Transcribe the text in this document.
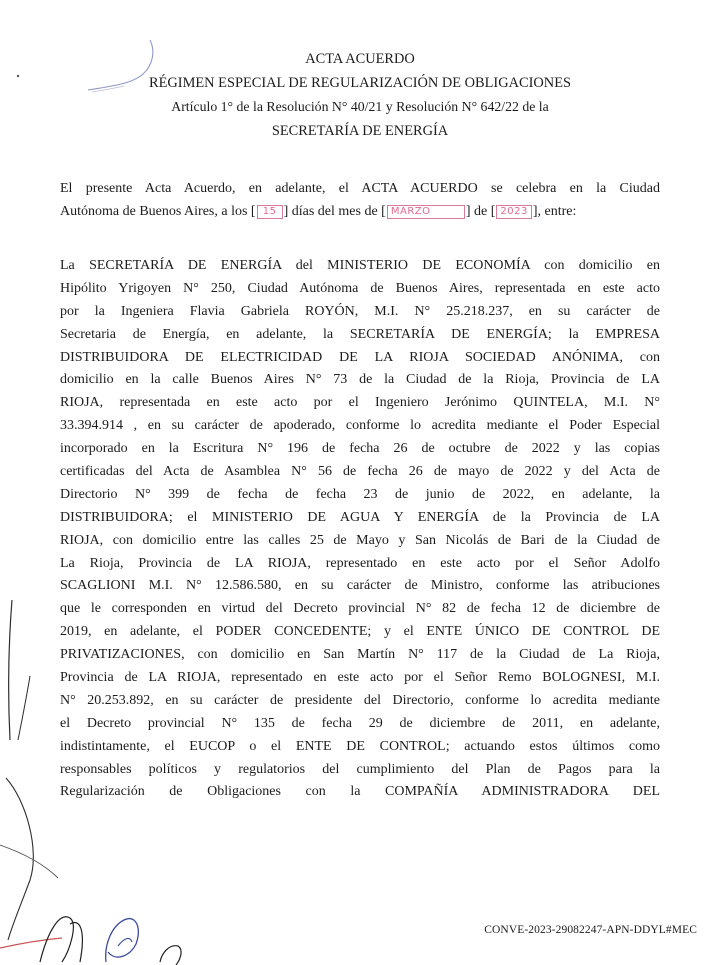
ACTA ACUERDO
RÉGIMEN ESPECIAL DE REGULARIZACIÓN DE OBLIGACIONES
Artículo 1° de la Resolución N° 40/21 y Resolución N° 642/22 de la
SECRETARÍA DE ENERGÍA
El presente Acta Acuerdo, en adelante, el ACTA ACUERDO se celebra en la Ciudad
Autónoma de Buenos Aires, a los [ 15 ] días del mes de [ MARZO	] de [ 2023 ], entre:
La SECRETARÍA DE ENERGÍA del MINISTERIO DE ECONOMÍA con domicilio en
Hipólito Yrigoyen N° 250, Ciudad Autónoma de Buenos Aires, representada en este acto
por la Ingeniera Flavia Gabriela ROYÓN, M.I. N° 25.218.237, en su carácter de
Secretaria de Energía, en adelante, la SECRETARÍA DE ENERGÍA; la EMPRESA
DISTRIBUIDORA DE ELECTRICIDAD DE LA RIOJA SOCIEDAD ANÓNIMA, con
domicilio en la calle Buenos Aires N° 73 de la Ciudad de la Rioja, Provincia de LA
RIOJA, representada en este acto por el Ingeniero Jerónimo QUINTELA, M.I. N°
33.394.914 , en su carácter de apoderado, conforme lo acredita mediante el Poder Especial
incorporado en la Escritura N° 196 de fecha 26 de octubre de 2022 y las copias
certificadas del Acta de Asamblea N° 56 de fecha 26 de mayo de 2022 y del Acta de
Directorio N° 399 de fecha de fecha 23 de junio de 2022, en adelante, la
DISTRIBUIDORA; el MINISTERIO DE AGUA Y ENERGÍA de la Provincia de LA
RIOJA, con domicilio entre las calles 25 de Mayo y San Nicolás de Bari de la Ciudad de
La Rioja, Provincia de LA RIOJA, representado en este acto por el Señor Adolfo
SCAGLIONI M.I. N° 12.586.580, en su carácter de Ministro, conforme las atribuciones
que le corresponden en virtud del Decreto provincial N° 82 de fecha 12 de diciembre de
2019, en adelante, el PODER CONCEDENTE; y el ENTE ÚNICO DE CONTROL DE
PRIVATIZACIONES, con domicilio en San Martín N° 117 de la Ciudad de La Rioja,
Provincia de LA RIOJA, representado en este acto por el Señor Remo BOLOGNESI, M.I.
N° 20.253.892, en su carácter de presidente del Directorio, conforme lo acredita mediante
el Decreto provincial N° 135 de fecha 29 de diciembre de 2011, en adelante,
indistintamente, el EUCOP o el ENTE DE CONTROL; actuando estos últimos como
responsables políticos y regulatorios del cumplimiento del Plan de Pagos para la
Regularización de Obligaciones con la COMPAÑÍA ADMINISTRADORA DEL
CONVE-2023-29082247-APN-DDYL#MEC
